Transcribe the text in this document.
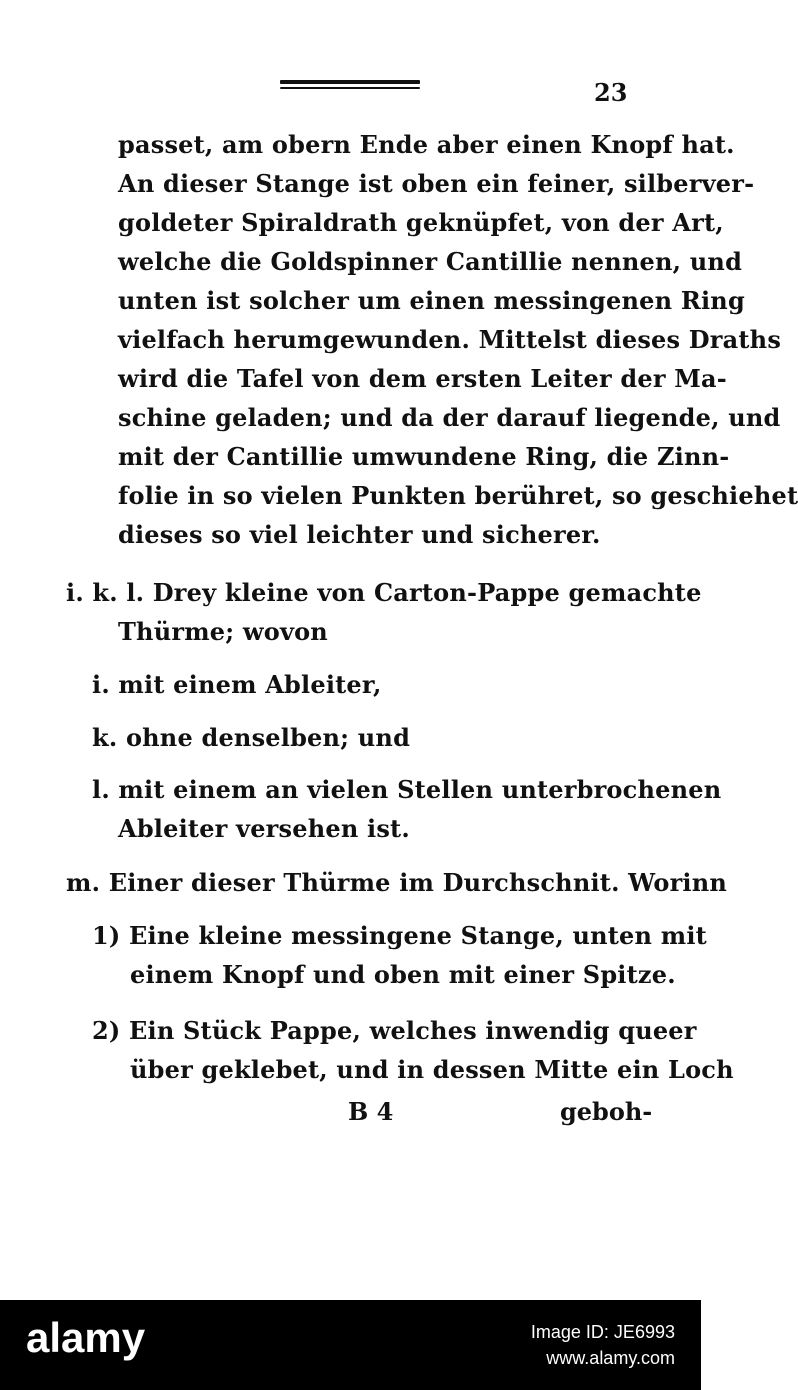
23
passet, am obern Ende aber einen Knopf hat.
An dieser Stange ist oben ein feiner, silberver-
goldeter Spiraldrath geknüpfet, von der Art,
welche die Goldspinner Cantillie nennen, und
unten ist solcher um einen messingenen Ring
vielfach herumgewunden. Mittelst dieses Draths
wird die Tafel von dem ersten Leiter der Ma-
schine geladen; und da der darauf liegende, und
mit der Cantillie umwundene Ring, die Zinn-
folie in so vielen Punkten berühret, so geschiehet
dieses so viel leichter und sicherer.
i. k. l. Drey kleine von Carton-Pappe gemachte
Thürme; wovon
i. mit einem Ableiter,
k. ohne denselben; und
l. mit einem an vielen Stellen unterbrochenen
Ableiter versehen ist.
m. Einer dieser Thürme im Durchschnit. Worinn
1) Eine kleine messingene Stange, unten mit
einem Knopf und oben mit einer Spitze.
2) Ein Stück Pappe, welches inwendig queer
über geklebet, und in dessen Mitte ein Loch
B 4	geboh-
alamy	Image ID: JE6993
www.alamy.com
